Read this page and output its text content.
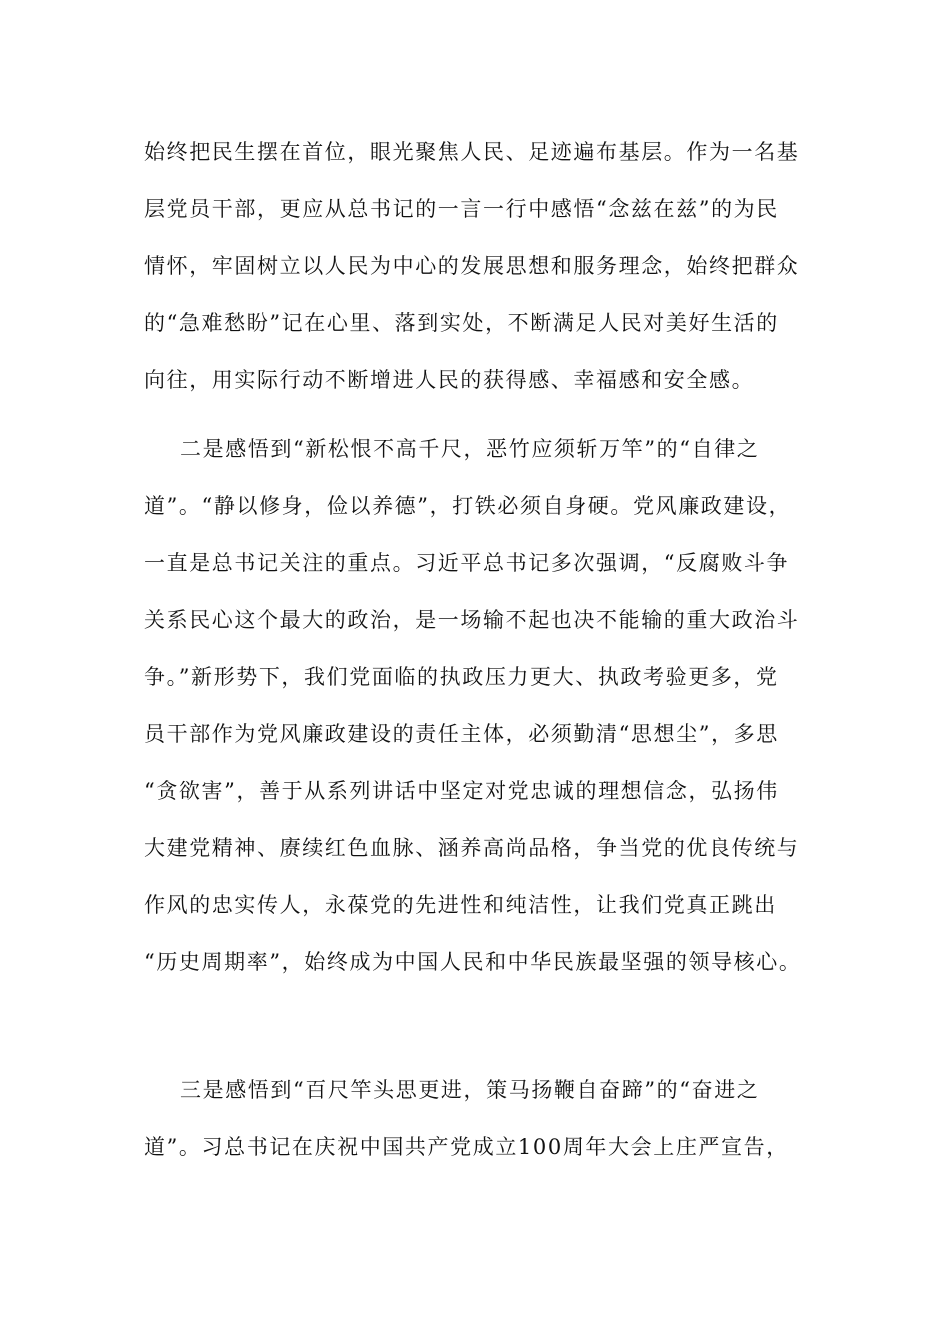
始终把民生摆在首位，眼光聚焦人民、足迹遍布基层。作为一名基
层党员干部，更应从总书记的一言一行中感悟“念兹在兹”的为民
情怀，牢固树立以人民为中心的发展思想和服务理念，始终把群众
的“急难愁盼”记在心里、落到实处，不断满足人民对美好生活的
向往，用实际行动不断增进人民的获得感、幸福感和安全感。
二是感悟到“新松恨不高千尺，恶竹应须斩万竿”的“自律之
道”。“静以修身，俭以养德”，打铁必须自身硬。党风廉政建设，
一直是总书记关注的重点。习近平总书记多次强调，“反腐败斗争
关系民心这个最大的政治，是一场输不起也决不能输的重大政治斗
争。”新形势下，我们党面临的执政压力更大、执政考验更多，党
员干部作为党风廉政建设的责任主体，必须勤清“思想尘”，多思
“贪欲害”，善于从系列讲话中坚定对党忠诚的理想信念，弘扬伟
大建党精神、赓续红色血脉、涵养高尚品格，争当党的优良传统与
作风的忠实传人，永葆党的先进性和纯洁性，让我们党真正跳出
“历史周期率”，始终成为中国人民和中华民族最坚强的领导核心。
三是感悟到“百尺竿头思更进，策马扬鞭自奋蹄”的“奋进之
道”。习总书记在庆祝中国共产党成立100周年大会上庄严宣告，
